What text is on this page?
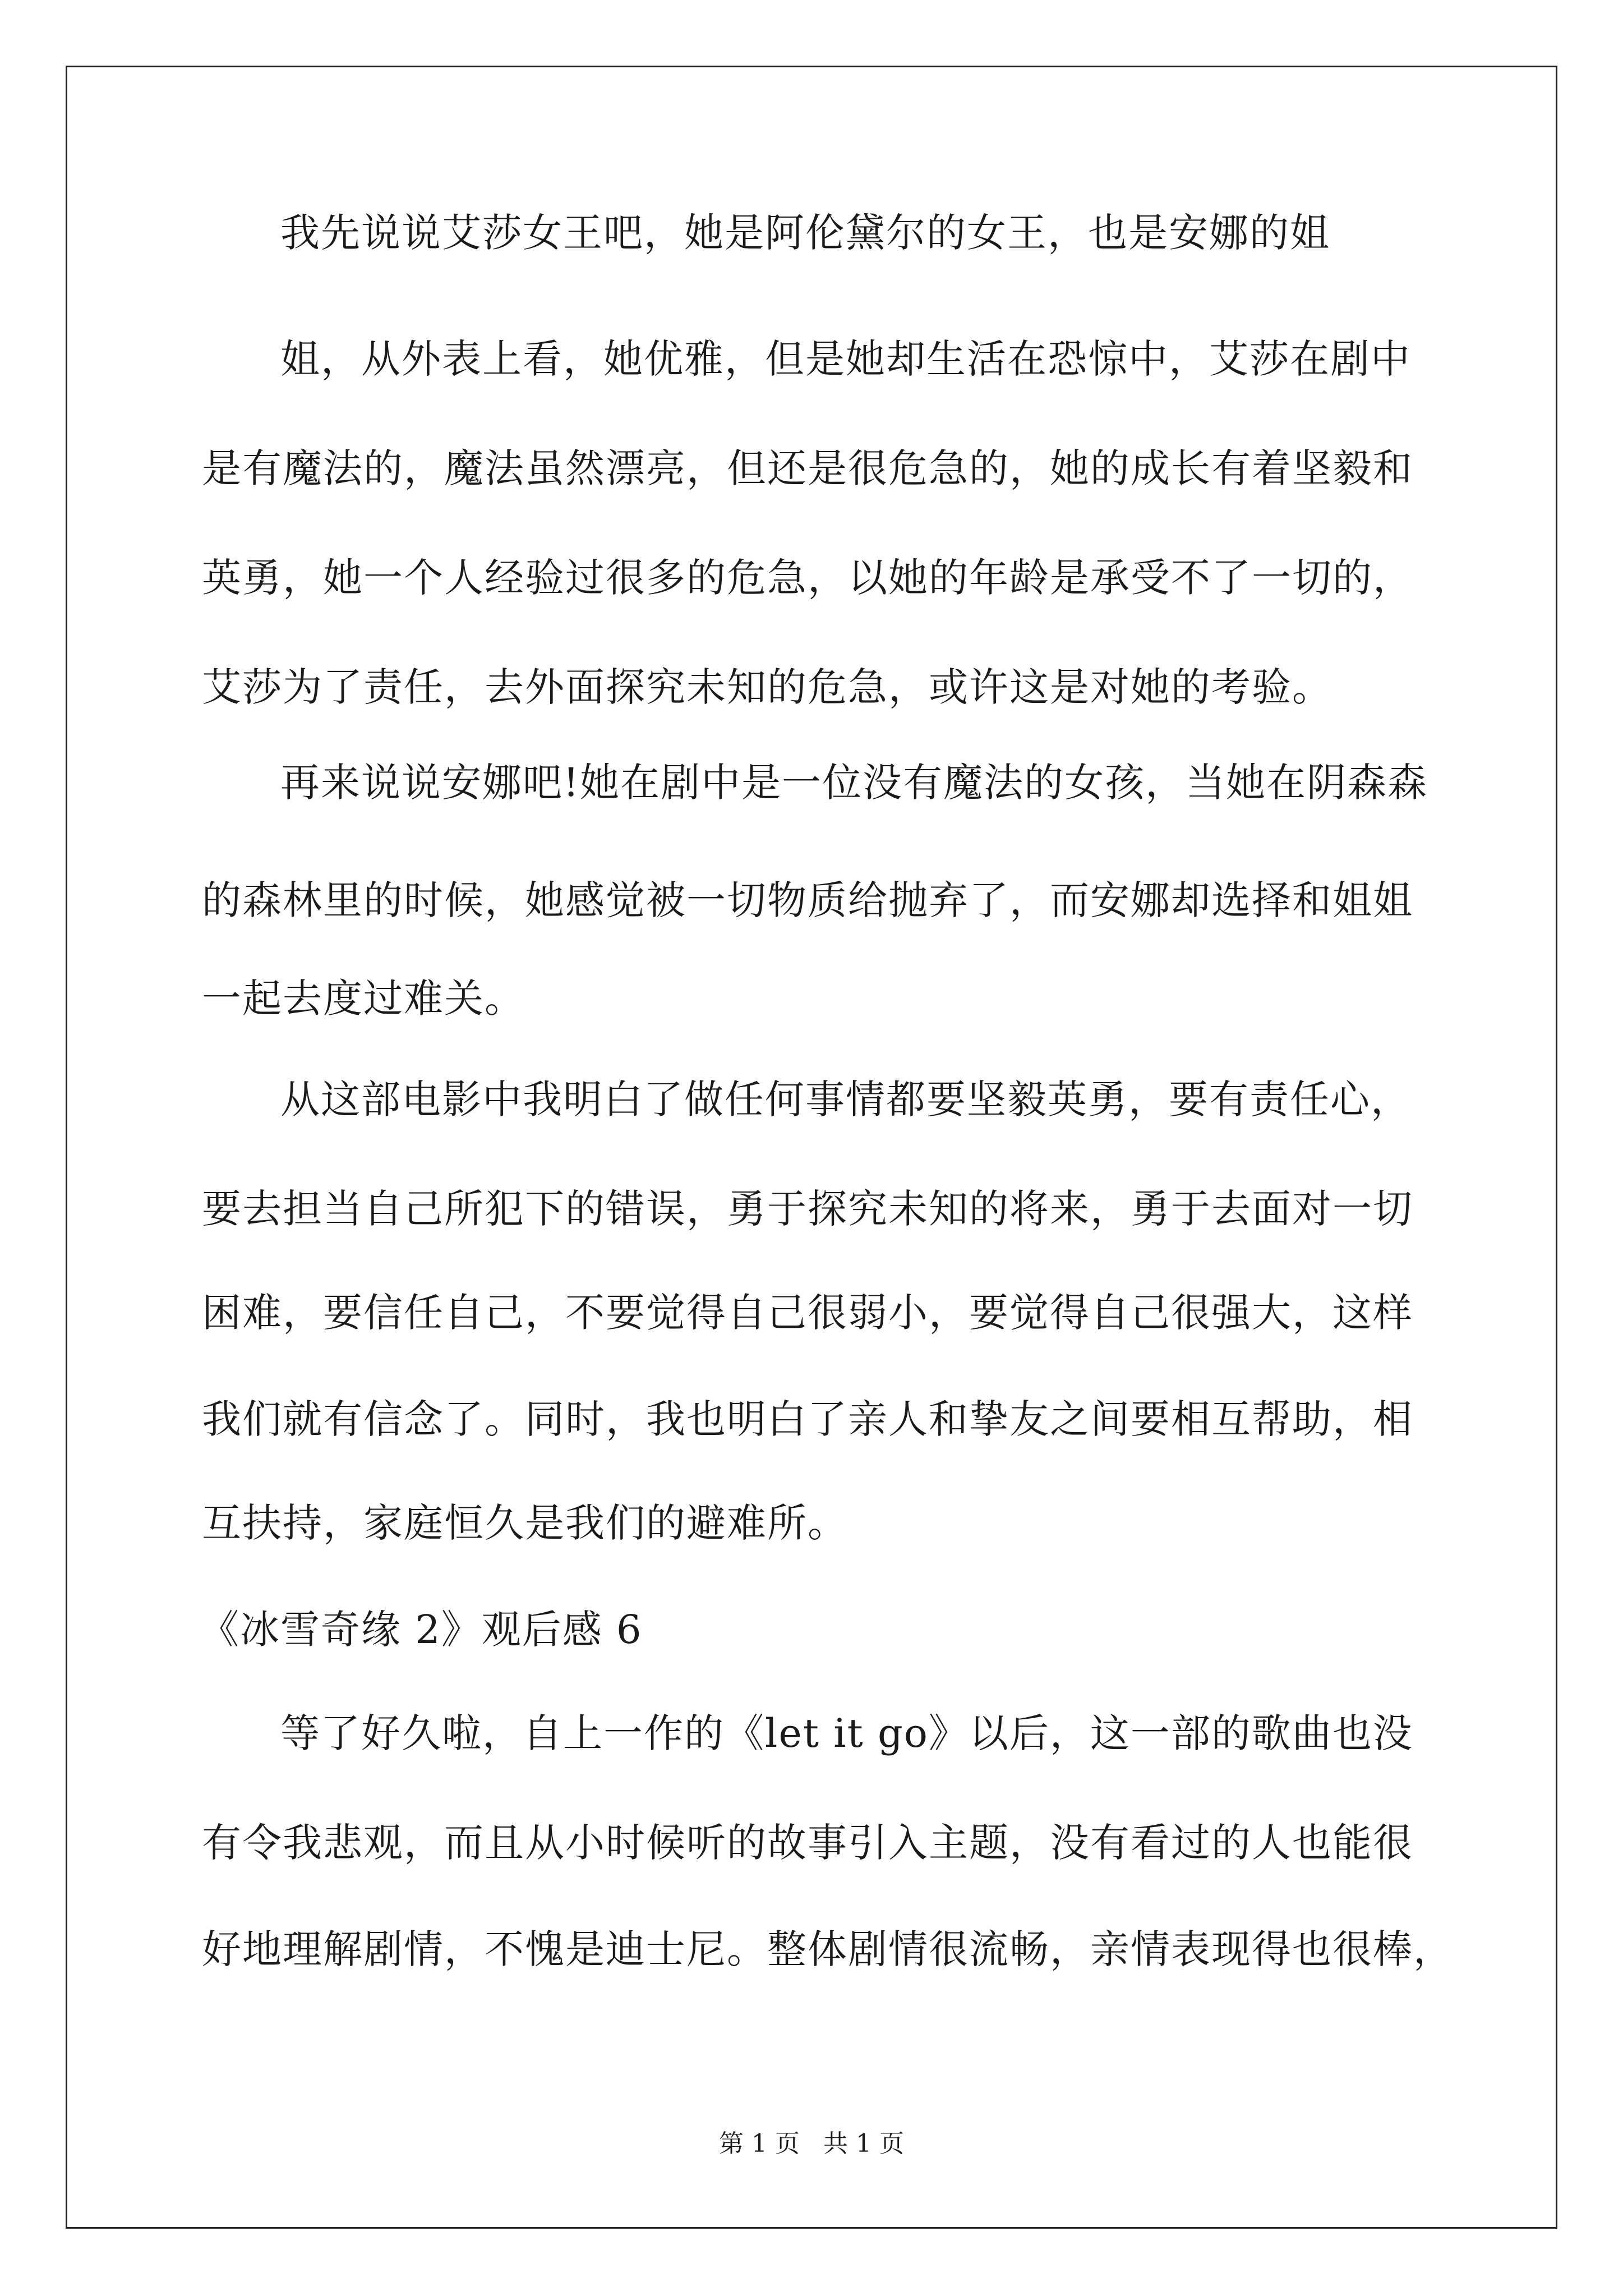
我先说说艾莎女王吧，她是阿伦黛尔的女王，也是安娜的姐
姐，从外表上看，她优雅，但是她却生活在恐惊中，艾莎在剧中
是有魔法的，魔法虽然漂亮，但还是很危急的，她的成长有着坚毅和
英勇，她一个人经验过很多的危急，以她的年龄是承受不了一切的，
艾莎为了责任，去外面探究未知的危急，或许这是对她的考验。
再来说说安娜吧!她在剧中是一位没有魔法的女孩，当她在阴森森
的森林里的时候，她感觉被一切物质给抛弃了，而安娜却选择和姐姐
一起去度过难关。
从这部电影中我明白了做任何事情都要坚毅英勇，要有责任心，
要去担当自己所犯下的错误，勇于探究未知的将来，勇于去面对一切
困难，要信任自己，不要觉得自己很弱小，要觉得自己很强大，这样
我们就有信念了。同时，我也明白了亲人和挚友之间要相互帮助，相
互扶持，家庭恒久是我们的避难所。
《冰雪奇缘 2》观后感 6
等了好久啦，自上一作的《let it go》以后，这一部的歌曲也没
有令我悲观，而且从小时候听的故事引入主题，没有看过的人也能很
好地理解剧情，不愧是迪士尼。整体剧情很流畅，亲情表现得也很棒，
第 1 页   共 1 页
